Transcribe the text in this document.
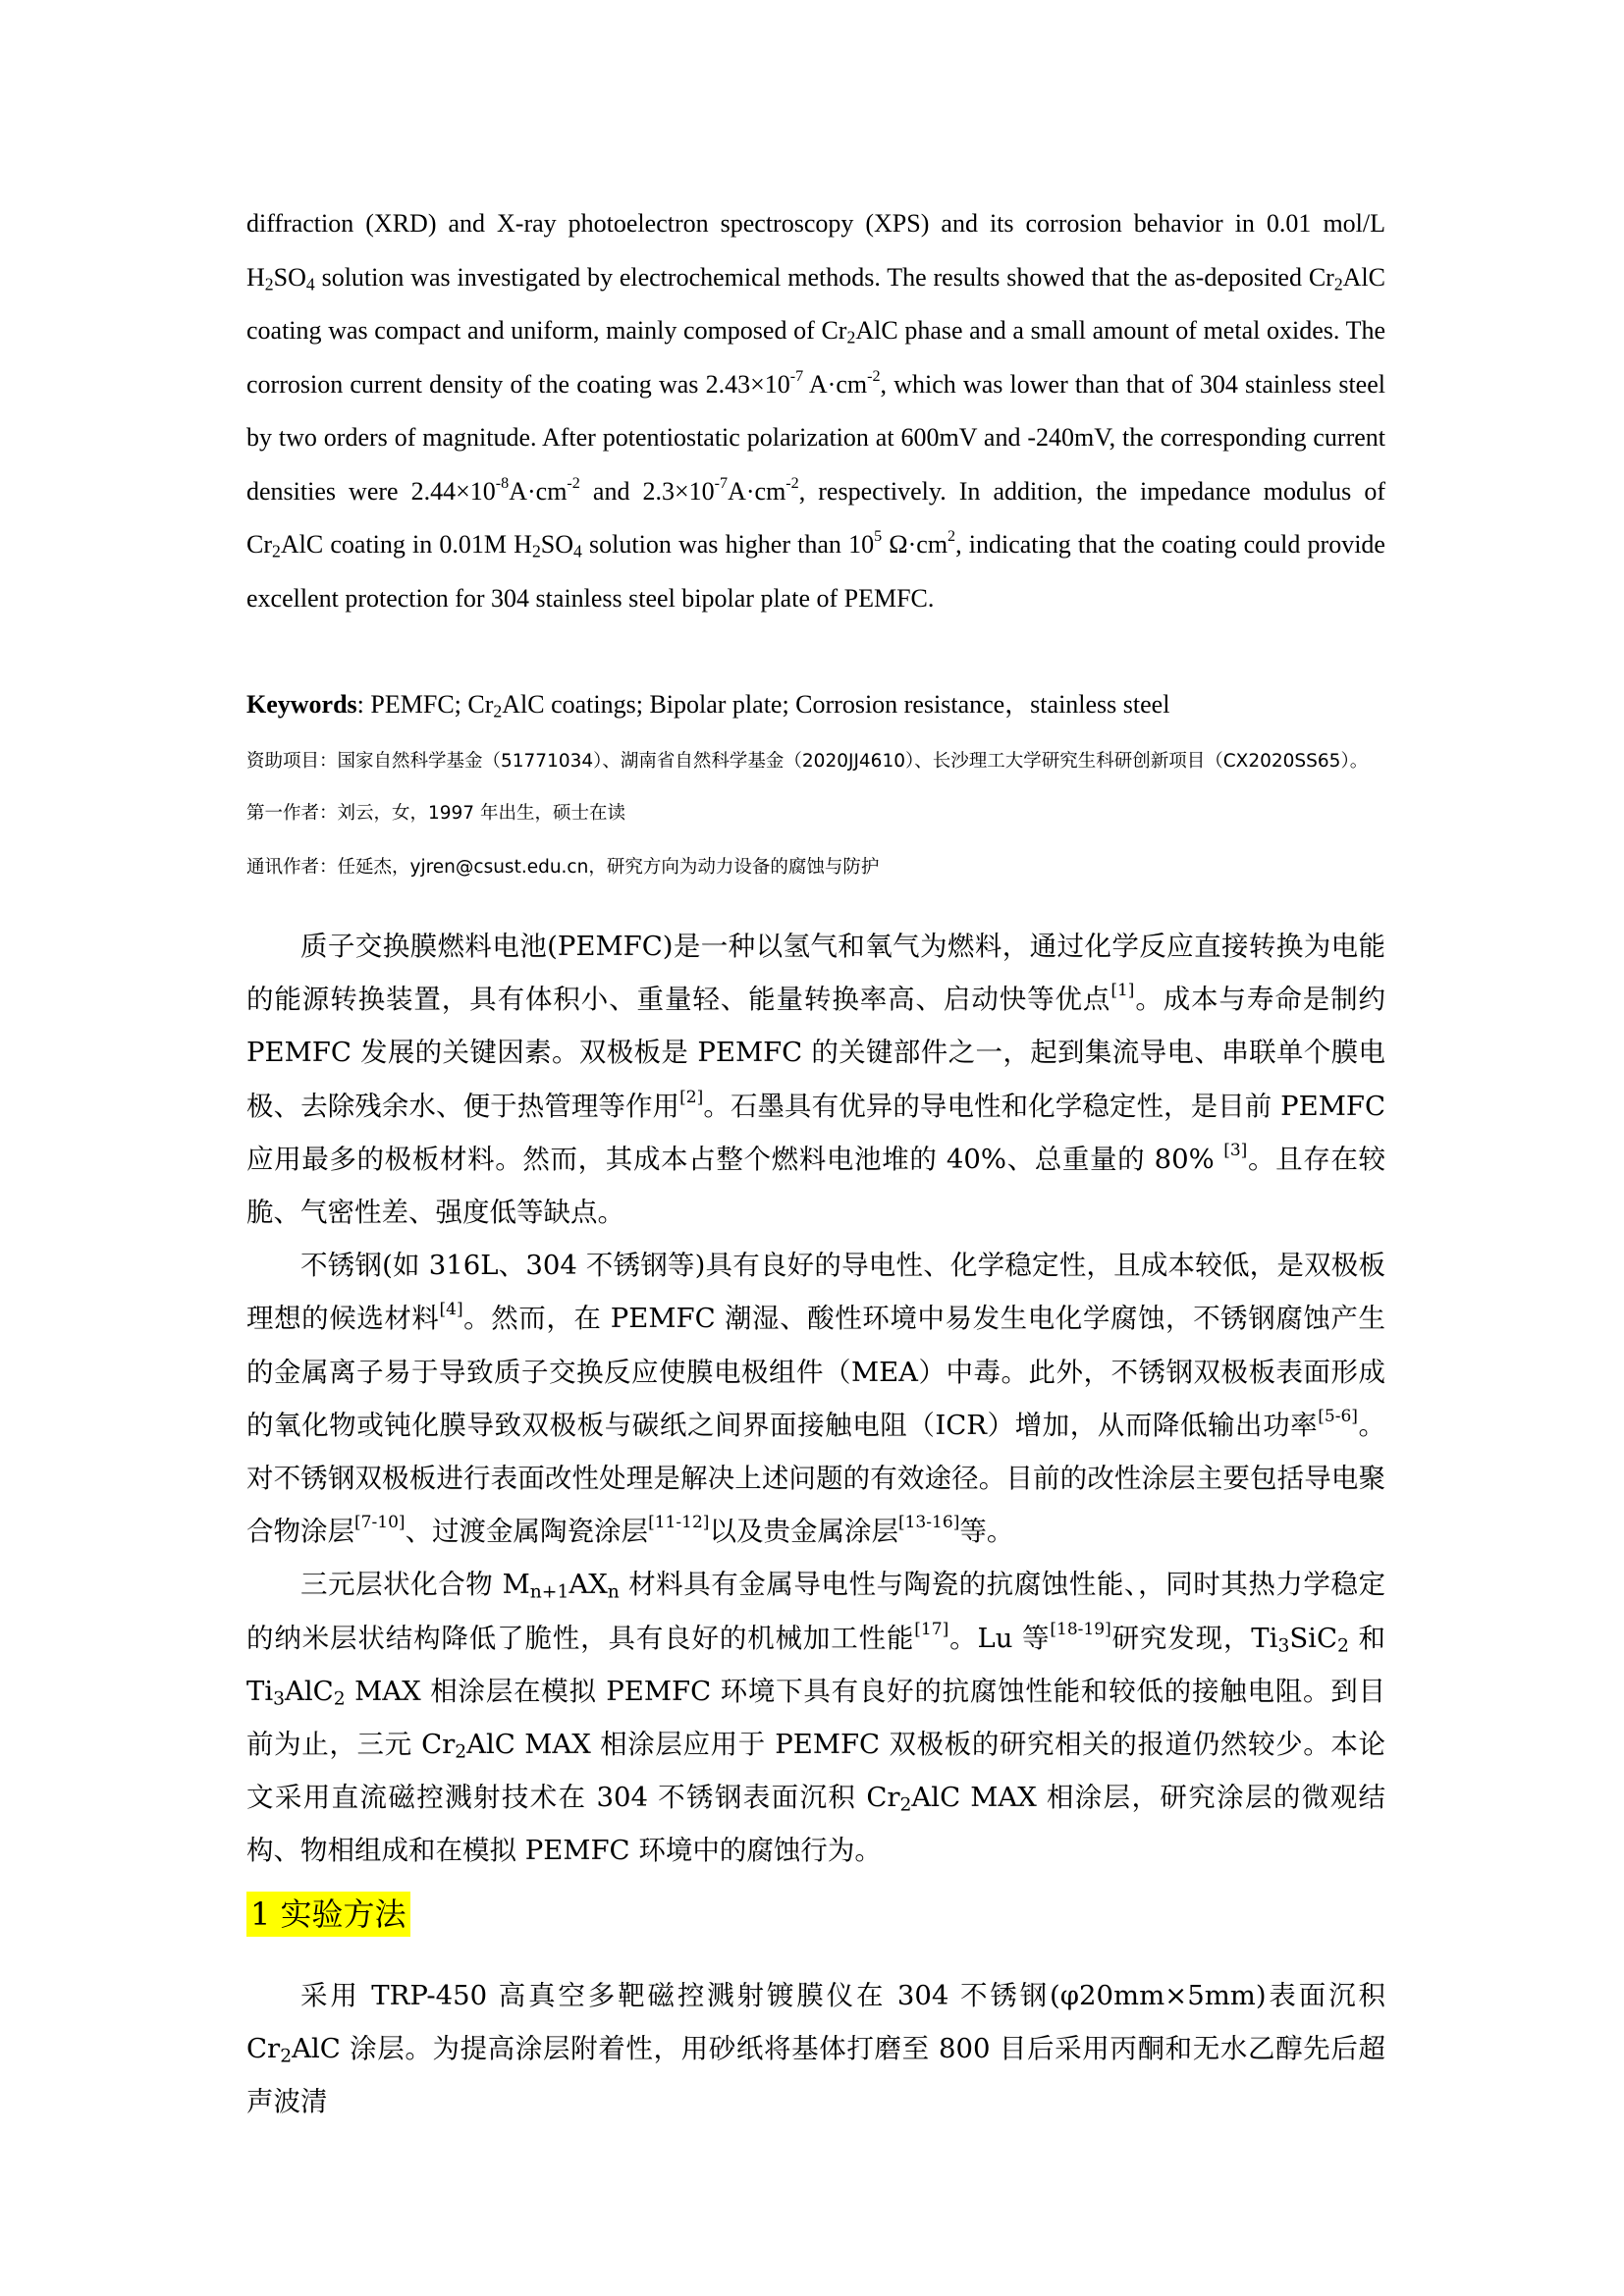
diffraction (XRD) and X-ray photoelectron spectroscopy (XPS) and its corrosion behavior in 0.01 mol/L $H_2SO_4$ solution was investigated by electrochemical methods. The results showed that the as-deposited $Cr_2AlC$ coating was compact and uniform, mainly composed of $Cr_2AlC$ phase and a small amount of metal oxides. The corrosion current density of the coating was $2.43\times 10^{-7}$ $A\cdot cm^{-2}$, which was lower than that of 304 stainless steel by two orders of magnitude. After potentiostatic polarization at 600mV and -240mV, the corresponding current densities were $2.44\times 10^{-8}A\cdot cm^{-2}$ and $2.3\times 10^{-7}A\cdot cm^{-2}$, respectively. In addition, the impedance modulus of $Cr_2AlC$ coating in 0.01M $H_2SO_4$ solution was higher than $10^5$ $\Omega\cdot cm^2$, indicating that the coating could provide excellent protection for 304 stainless steel bipolar plate of PEMFC.

Keywords: PEMFC; $Cr_2AlC$ coatings; Bipolar plate; Corrosion resistance，stainless steel
资助项目：国家自然科学基金（51771034）、湖南省自然科学基金（2020JJ4610）、长沙理工大学研究生科研创新项目（CX2020SS65）。
第一作者：刘云，女，1997 年出生，硕士在读
通讯作者：任延杰，yjren@csust.edu.cn，研究方向为动力设备的腐蚀与防护

质子交换膜燃料电池(PEMFC)是一种以氢气和氧气为燃料，通过化学反应直接转换为电能的能源转换装置，具有体积小、重量轻、能量转换率高、启动快等优点[1]。成本与寿命是制约 PEMFC 发展的关键因素。双极板是 PEMFC 的关键部件之一，起到集流导电、串联单个膜电极、去除残余水、便于热管理等作用[2]。石墨具有优异的导电性和化学稳定性，是目前 PEMFC 应用最多的极板材料。然而，其成本占整个燃料电池堆的 40%、总重量的 80% [3]。且存在较脆、气密性差、强度低等缺点。

不锈钢(如 316L、304 不锈钢等)具有良好的导电性、化学稳定性，且成本较低，是双极板理想的候选材料[4]。然而，在 PEMFC 潮湿、酸性环境中易发生电化学腐蚀，不锈钢腐蚀产生的金属离子易于导致质子交换反应使膜电极组件（MEA）中毒。此外，不锈钢双极板表面形成的氧化物或钝化膜导致双极板与碳纸之间界面接触电阻（ICR）增加，从而降低输出功率[5-6]。对不锈钢双极板进行表面改性处理是解决上述问题的有效途径。目前的改性涂层主要包括导电聚合物涂层[7-10]、过渡金属陶瓷涂层[11-12]以及贵金属涂层[13-16]等。

三元层状化合物 $M_{n+1}AX_n$ 材料具有金属导电性与陶瓷的抗腐蚀性能、，同时其热力学稳定的纳米层状结构降低了脆性，具有良好的机械加工性能[17]。Lu 等[18-19]研究发现，$Ti_3SiC_2$ 和 $Ti_3AlC_2$ MAX 相涂层在模拟 PEMFC 环境下具有良好的抗腐蚀性能和较低的接触电阻。到目前为止，三元 $Cr_2AlC$ MAX 相涂层应用于 PEMFC 双极板的研究相关的报道仍然较少。本论文采用直流磁控溅射技术在 304 不锈钢表面沉积 $Cr_2AlC$ MAX 相涂层，研究涂层的微观结构、物相组成和在模拟 PEMFC 环境中的腐蚀行为。

1 实验方法

采用 TRP-450 高真空多靶磁控溅射镀膜仪在 304 不锈钢(φ20mm×5mm)表面沉积 $Cr_2AlC$ 涂层。为提高涂层附着性，用砂纸将基体打磨至 800 目后采用丙酮和无水乙醇先后超声波清
